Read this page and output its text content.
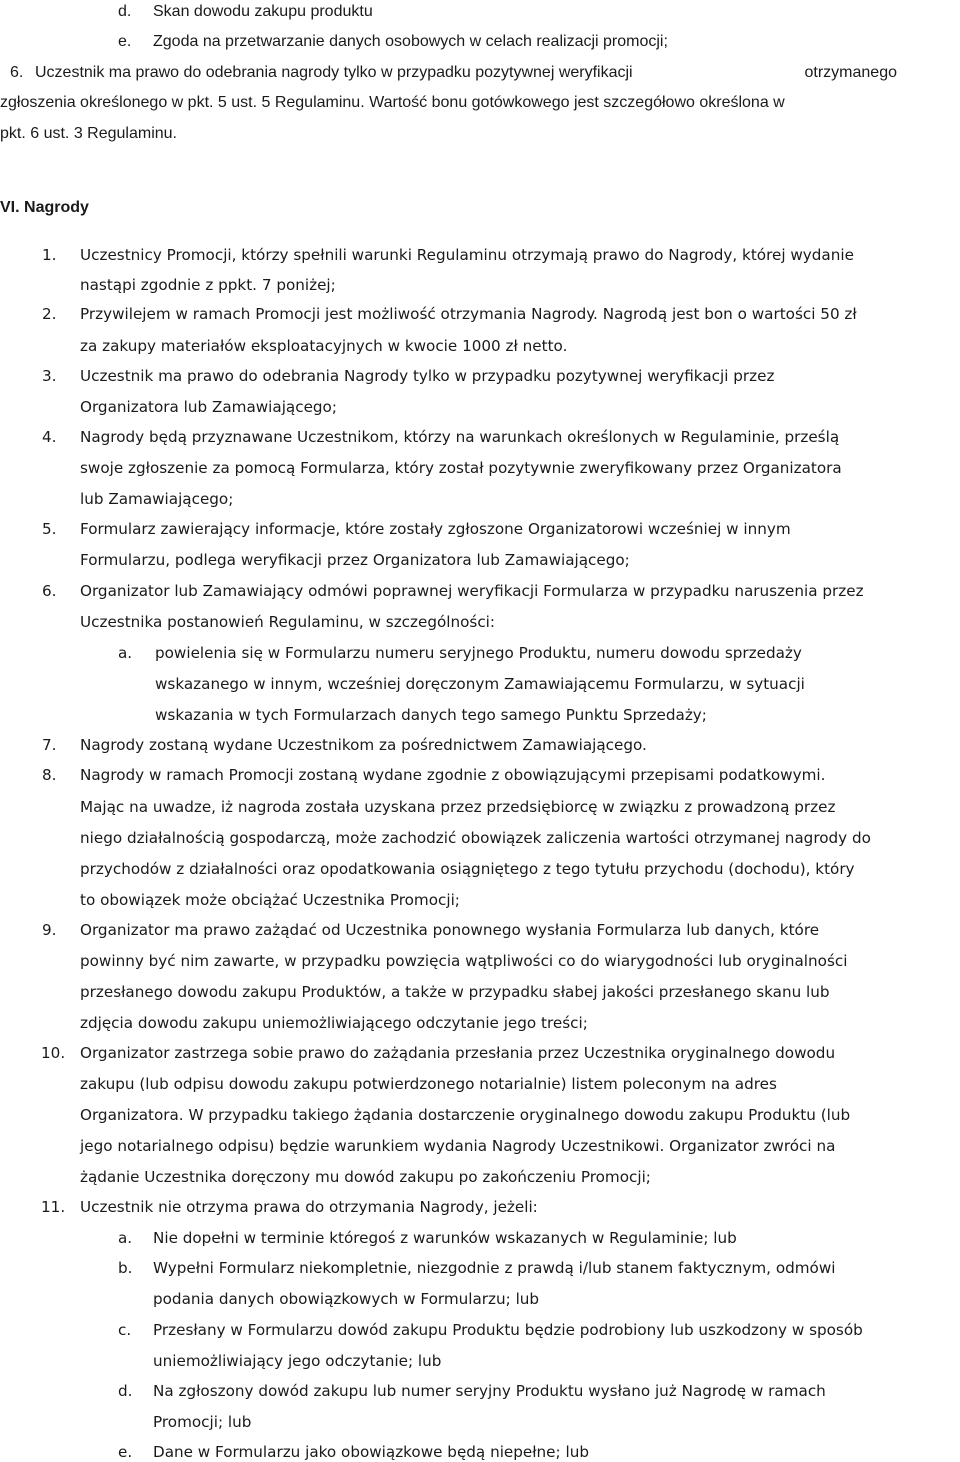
d. Skan dowodu zakupu produktu
e. Zgoda na przetwarzanie danych osobowych w celach realizacji promocji;
6. Uczestnik ma prawo do odebrania nagrody tylko w przypadku pozytywnej weryfikacji	otrzymanego
zgłoszenia określonego w pkt. 5 ust. 5 Regulaminu. Wartość bonu gotówkowego jest szczegółowo określona w
pkt. 6 ust. 3 Regulaminu.
VI. Nagrody
1. Uczestnicy Promocji, którzy spełnili warunki Regulaminu otrzymają prawo do Nagrody, której wydanie
nastąpi zgodnie z ppkt. 7 poniżej;
2. Przywilejem w ramach Promocji jest możliwość otrzymania Nagrody. Nagrodą jest bon o wartości 50 zł
za zakupy materiałów eksploatacyjnych w kwocie 1000 zł netto.
3. Uczestnik ma prawo do odebrania Nagrody tylko w przypadku pozytywnej weryfikacji przez
Organizatora lub Zamawiającego;
4. Nagrody będą przyznawane Uczestnikom, którzy na warunkach określonych w Regulaminie, prześlą
swoje zgłoszenie za pomocą Formularza, który został pozytywnie zweryfikowany przez Organizatora
lub Zamawiającego;
5. Formularz zawierający informacje, które zostały zgłoszone Organizatorowi wcześniej w innym
Formularzu, podlega weryfikacji przez Organizatora lub Zamawiającego;
6. Organizator lub Zamawiający odmówi poprawnej weryfikacji Formularza w przypadku naruszenia przez
Uczestnika postanowień Regulaminu, w szczególności:
7. Nagrody zostaną wydane Uczestnikom za pośrednictwem Zamawiającego.
8. Nagrody w ramach Promocji zostaną wydane zgodnie z obowiązującymi przepisami podatkowymi.
Mając na uwadze, iż nagroda została uzyskana przez przedsiębiorcę w związku z prowadzoną przez
niego działalnością gospodarczą, może zachodzić obowiązek zaliczenia wartości otrzymanej nagrody do
przychodów z działalności oraz opodatkowania osiągniętego z tego tytułu przychodu (dochodu), który
to obowiązek może obciążać Uczestnika Promocji;
9. Organizator ma prawo zażądać od Uczestnika ponownego wysłania Formularza lub danych, które
powinny być nim zawarte, w przypadku powzięcia wątpliwości co do wiarygodności lub oryginalności
przesłanego dowodu zakupu Produktów, a także w przypadku słabej jakości przesłanego skanu lub
zdjęcia dowodu zakupu uniemożliwiającego odczytanie jego treści;
10. Organizator zastrzega sobie prawo do zażądania przesłania przez Uczestnika oryginalnego dowodu
zakupu (lub odpisu dowodu zakupu potwierdzonego notarialnie) listem poleconym na adres
Organizatora. W przypadku takiego żądania dostarczenie oryginalnego dowodu zakupu Produktu (lub
jego notarialnego odpisu) będzie warunkiem wydania Nagrody Uczestnikowi. Organizator zwróci na
żądanie Uczestnika doręczony mu dowód zakupu po zakończeniu Promocji;
11. Uczestnik nie otrzyma prawa do otrzymania Nagrody, jeżeli:
a. powielenia się w Formularzu numeru seryjnego Produktu, numeru dowodu sprzedaży
wskazanego w innym, wcześniej doręczonym Zamawiającemu Formularzu, w sytuacji
wskazania w tych Formularzach danych tego samego Punktu Sprzedaży;
a. Nie dopełni w terminie któregoś z warunków wskazanych w Regulaminie; lub
b. Wypełni Formularz niekompletnie, niezgodnie z prawdą i/lub stanem faktycznym, odmówi
podania danych obowiązkowych w Formularzu; lub
c. Przesłany w Formularzu dowód zakupu Produktu będzie podrobiony lub uszkodzony w sposób
uniemożliwiający jego odczytanie; lub
d. Na zgłoszony dowód zakupu lub numer seryjny Produktu wysłano już Nagrodę w ramach
Promocji; lub
e. Dane w Formularzu jako obowiązkowe będą niepełne; lub
